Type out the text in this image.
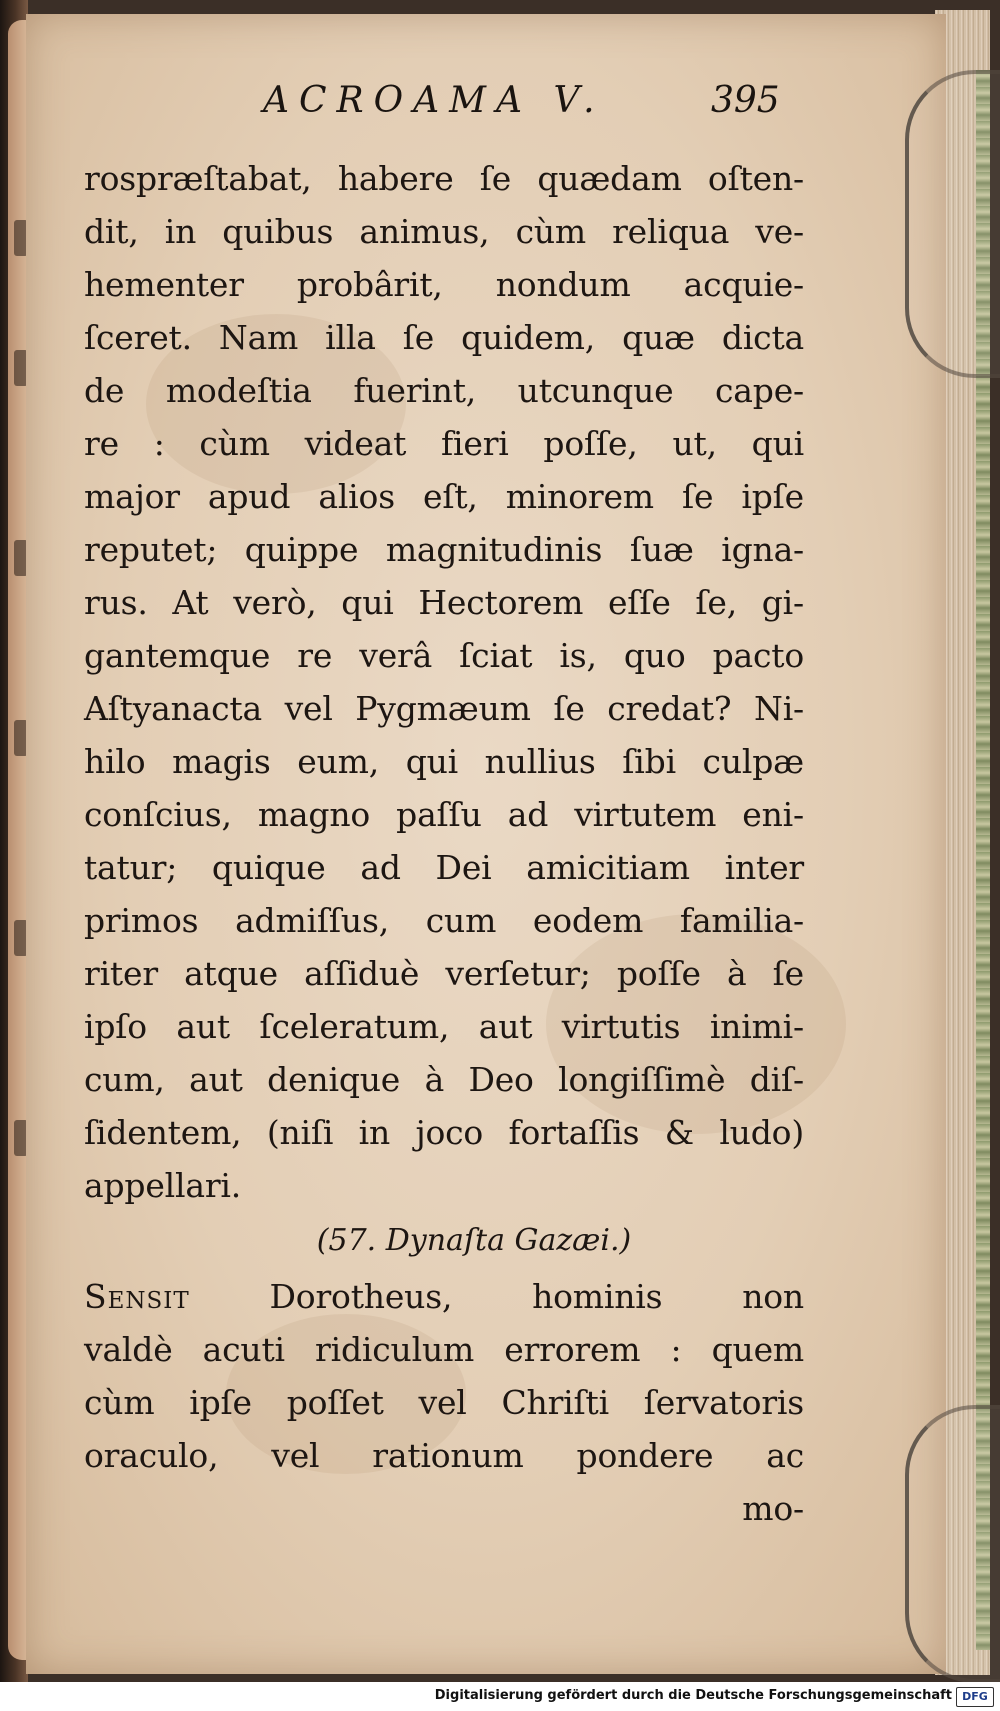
ACROAMA V.	395
rospræſtabat, habere ſe quædam oſten-
dit, in quibus animus, cùm reliqua ve-
hementer probârit, nondum acquie-
ſceret. Nam illa ſe quidem, quæ dicta
de modeſtia fuerint, utcunque cape-
re : cùm videat fieri poſſe, ut, qui
major apud alios eſt, minorem ſe ipſe
reputet; quippe magnitudinis ſuæ igna-
rus. At verò, qui Hectorem eſſe ſe, gi-
gantemque re verâ ſciat is, quo pacto
Aſtyanacta vel Pygmæum ſe credat? Ni-
hilo magis eum, qui nullius ſibi culpæ
conſcius, magno paſſu ad virtutem eni-
tatur; quique ad Dei amicitiam inter
primos admiſſus, cum eodem familia-
riter atque aſſiduè verſetur; poſſe à ſe
ipſo aut ſceleratum, aut virtutis inimi-
cum, aut denique à Deo longiſſimè diſ-
ſidentem, (niſi in joco fortaſſis & ludo)
appellari.
(57. Dynaſta Gazæi.)
Sensit Dorotheus, hominis non
valdè acuti ridiculum errorem : quem
cùm ipſe poſſet vel Chriſti ſervatoris
oraculo, vel rationum pondere ac
mo-
Digitalisierung gefördert durch die Deutsche Forschungsgemeinschaft DFG
